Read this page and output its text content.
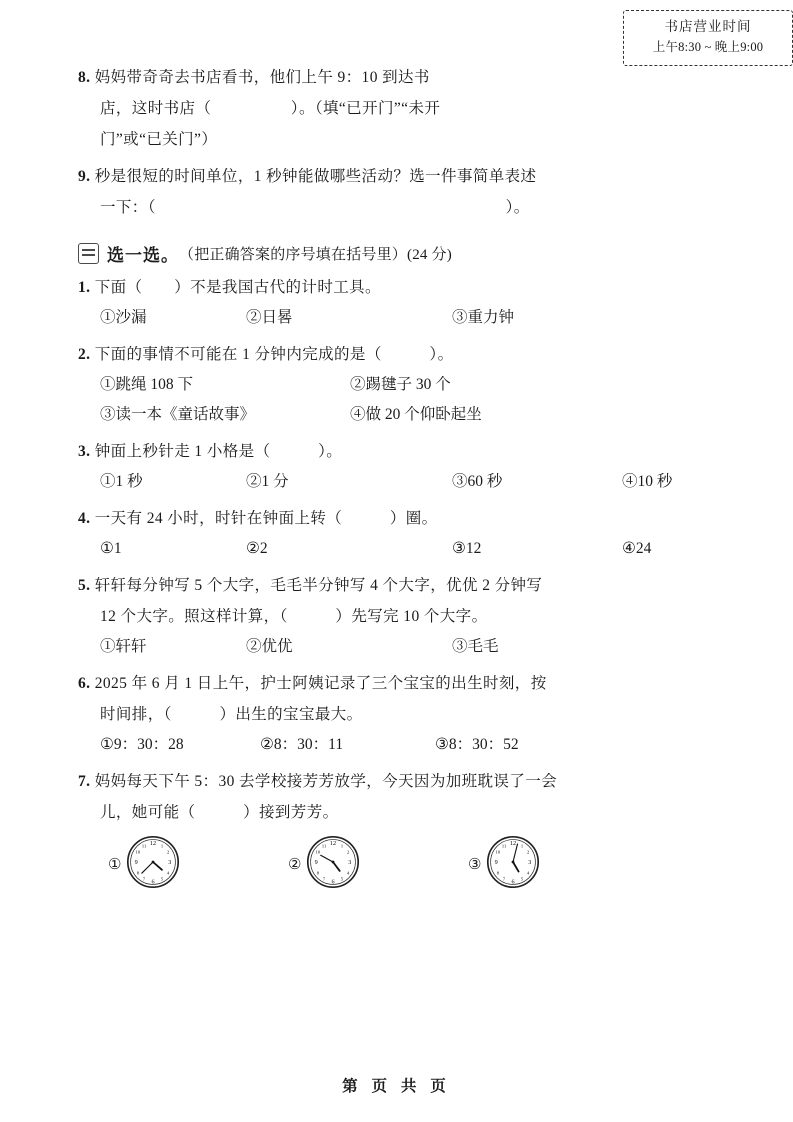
书店营业时间
上午8:30 ~ 晚上9:00
8. 妈妈带奇奇去书店看书，他们上午 9：10 到达书
店，这时书店（　　　　　）。（填“已开门”“未开
门”或“已关门”）
9. 秒是很短的时间单位，1 秒钟能做哪些活动？选一件事简单表述
一下：（　　　　　　　　　　　　　　　　　　　　　　）。
选一选。 （把正确答案的序号填在括号里）(24 分)
1. 下面（　　）不是我国古代的计时工具。
①沙漏	②日晷	③重力钟
2. 下面的事情不可能在 1 分钟内完成的是（　　　）。
①跳绳 108 下	②踢毽子 30 个
③读一本《童话故事》	④做 20 个仰卧起坐
3. 钟面上秒针走 1 小格是（　　　）。
①1 秒	②1 分	③60 秒	④10 秒
4. 一天有 24 小时，时针在钟面上转（　　　）圈。
①1	②2	③12	④24
5. 轩轩每分钟写 5 个大字，毛毛半分钟写 4 个大字，优优 2 分钟写
12 个大字。照这样计算，（　　　）先写完 10 个大字。
①轩轩	②优优	③毛毛
6. 2025 年 6 月 1 日上午，护士阿姨记录了三个宝宝的出生时刻，按
时间排，（　　　）出生的宝宝最大。
①9：30：28	②8：30：11	③8：30：52
7. 妈妈每天下午 5：30 去学校接芳芳放学，今天因为加班耽误了一会
儿，她可能（　　　）接到芳芳。
①
12
3
6
9
1
2
4
5
7
8
10
11
②
12
3
6
9
1
2
4
5
7
8
10
11
③
12
3
6
9
1
2
4
5
7
8
10
11
第 页 共 页
